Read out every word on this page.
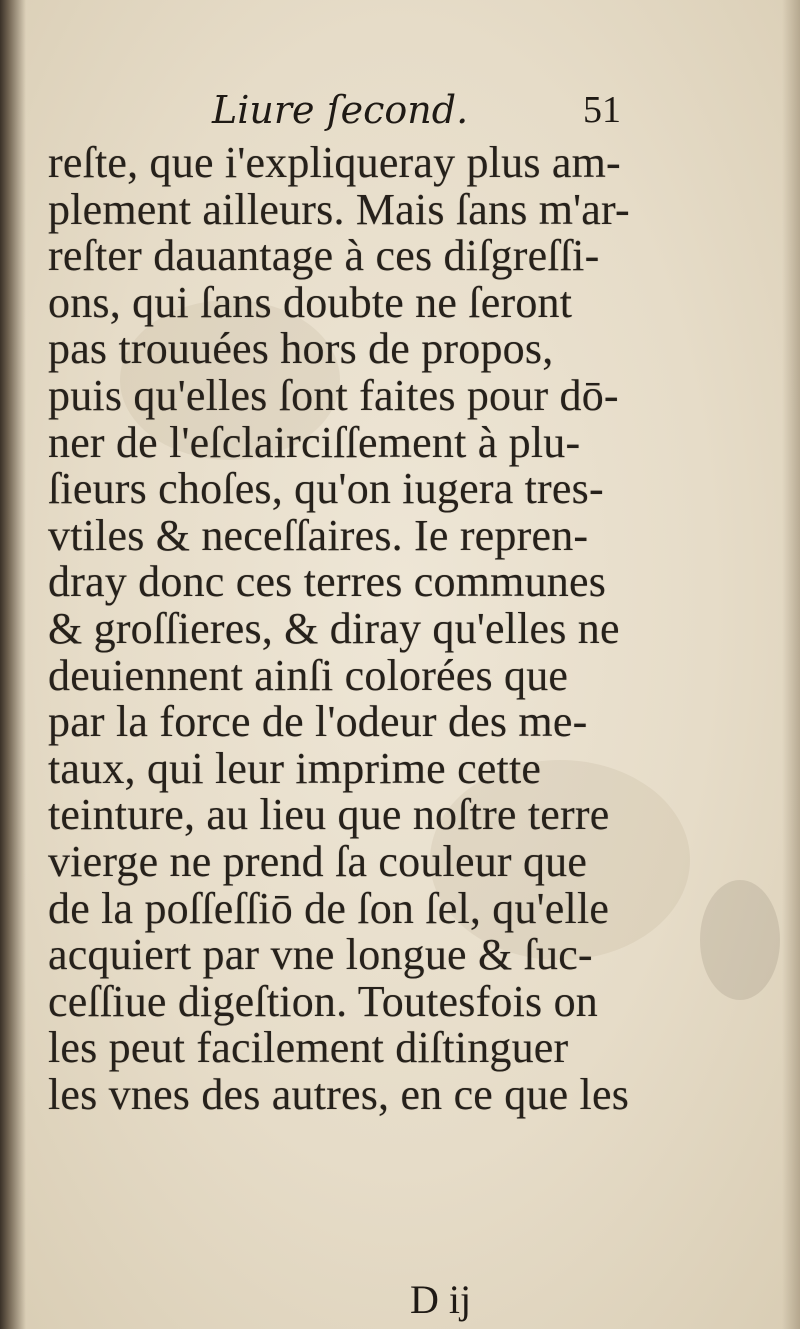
Liure ſecond.	51
reſte, que i'expliqueray plus am-
plement ailleurs. Mais ſans m'ar-
reſter dauantage à ces diſgreſſi-
ons, qui ſans doubte ne ſeront
pas trouuées hors de propos,
puis qu'elles ſont faites pour dō-
ner de l'eſclairciſſement à plu-
ſieurs choſes, qu'on iugera tres-
vtiles & neceſſaires. Ie repren-
dray donc ces terres communes
& groſſieres, & diray qu'elles ne
deuiennent ainſi colorées que
par la force de l'odeur des me-
taux, qui leur imprime cette
teinture, au lieu que noſtre terre
vierge ne prend ſa couleur que
de la poſſeſſiō de ſon ſel, qu'elle
acquiert par vne longue & ſuc-
ceſſiue digeſtion. Toutesfois on
les peut facilement diſtinguer
les vnes des autres, en ce que les
D ij
